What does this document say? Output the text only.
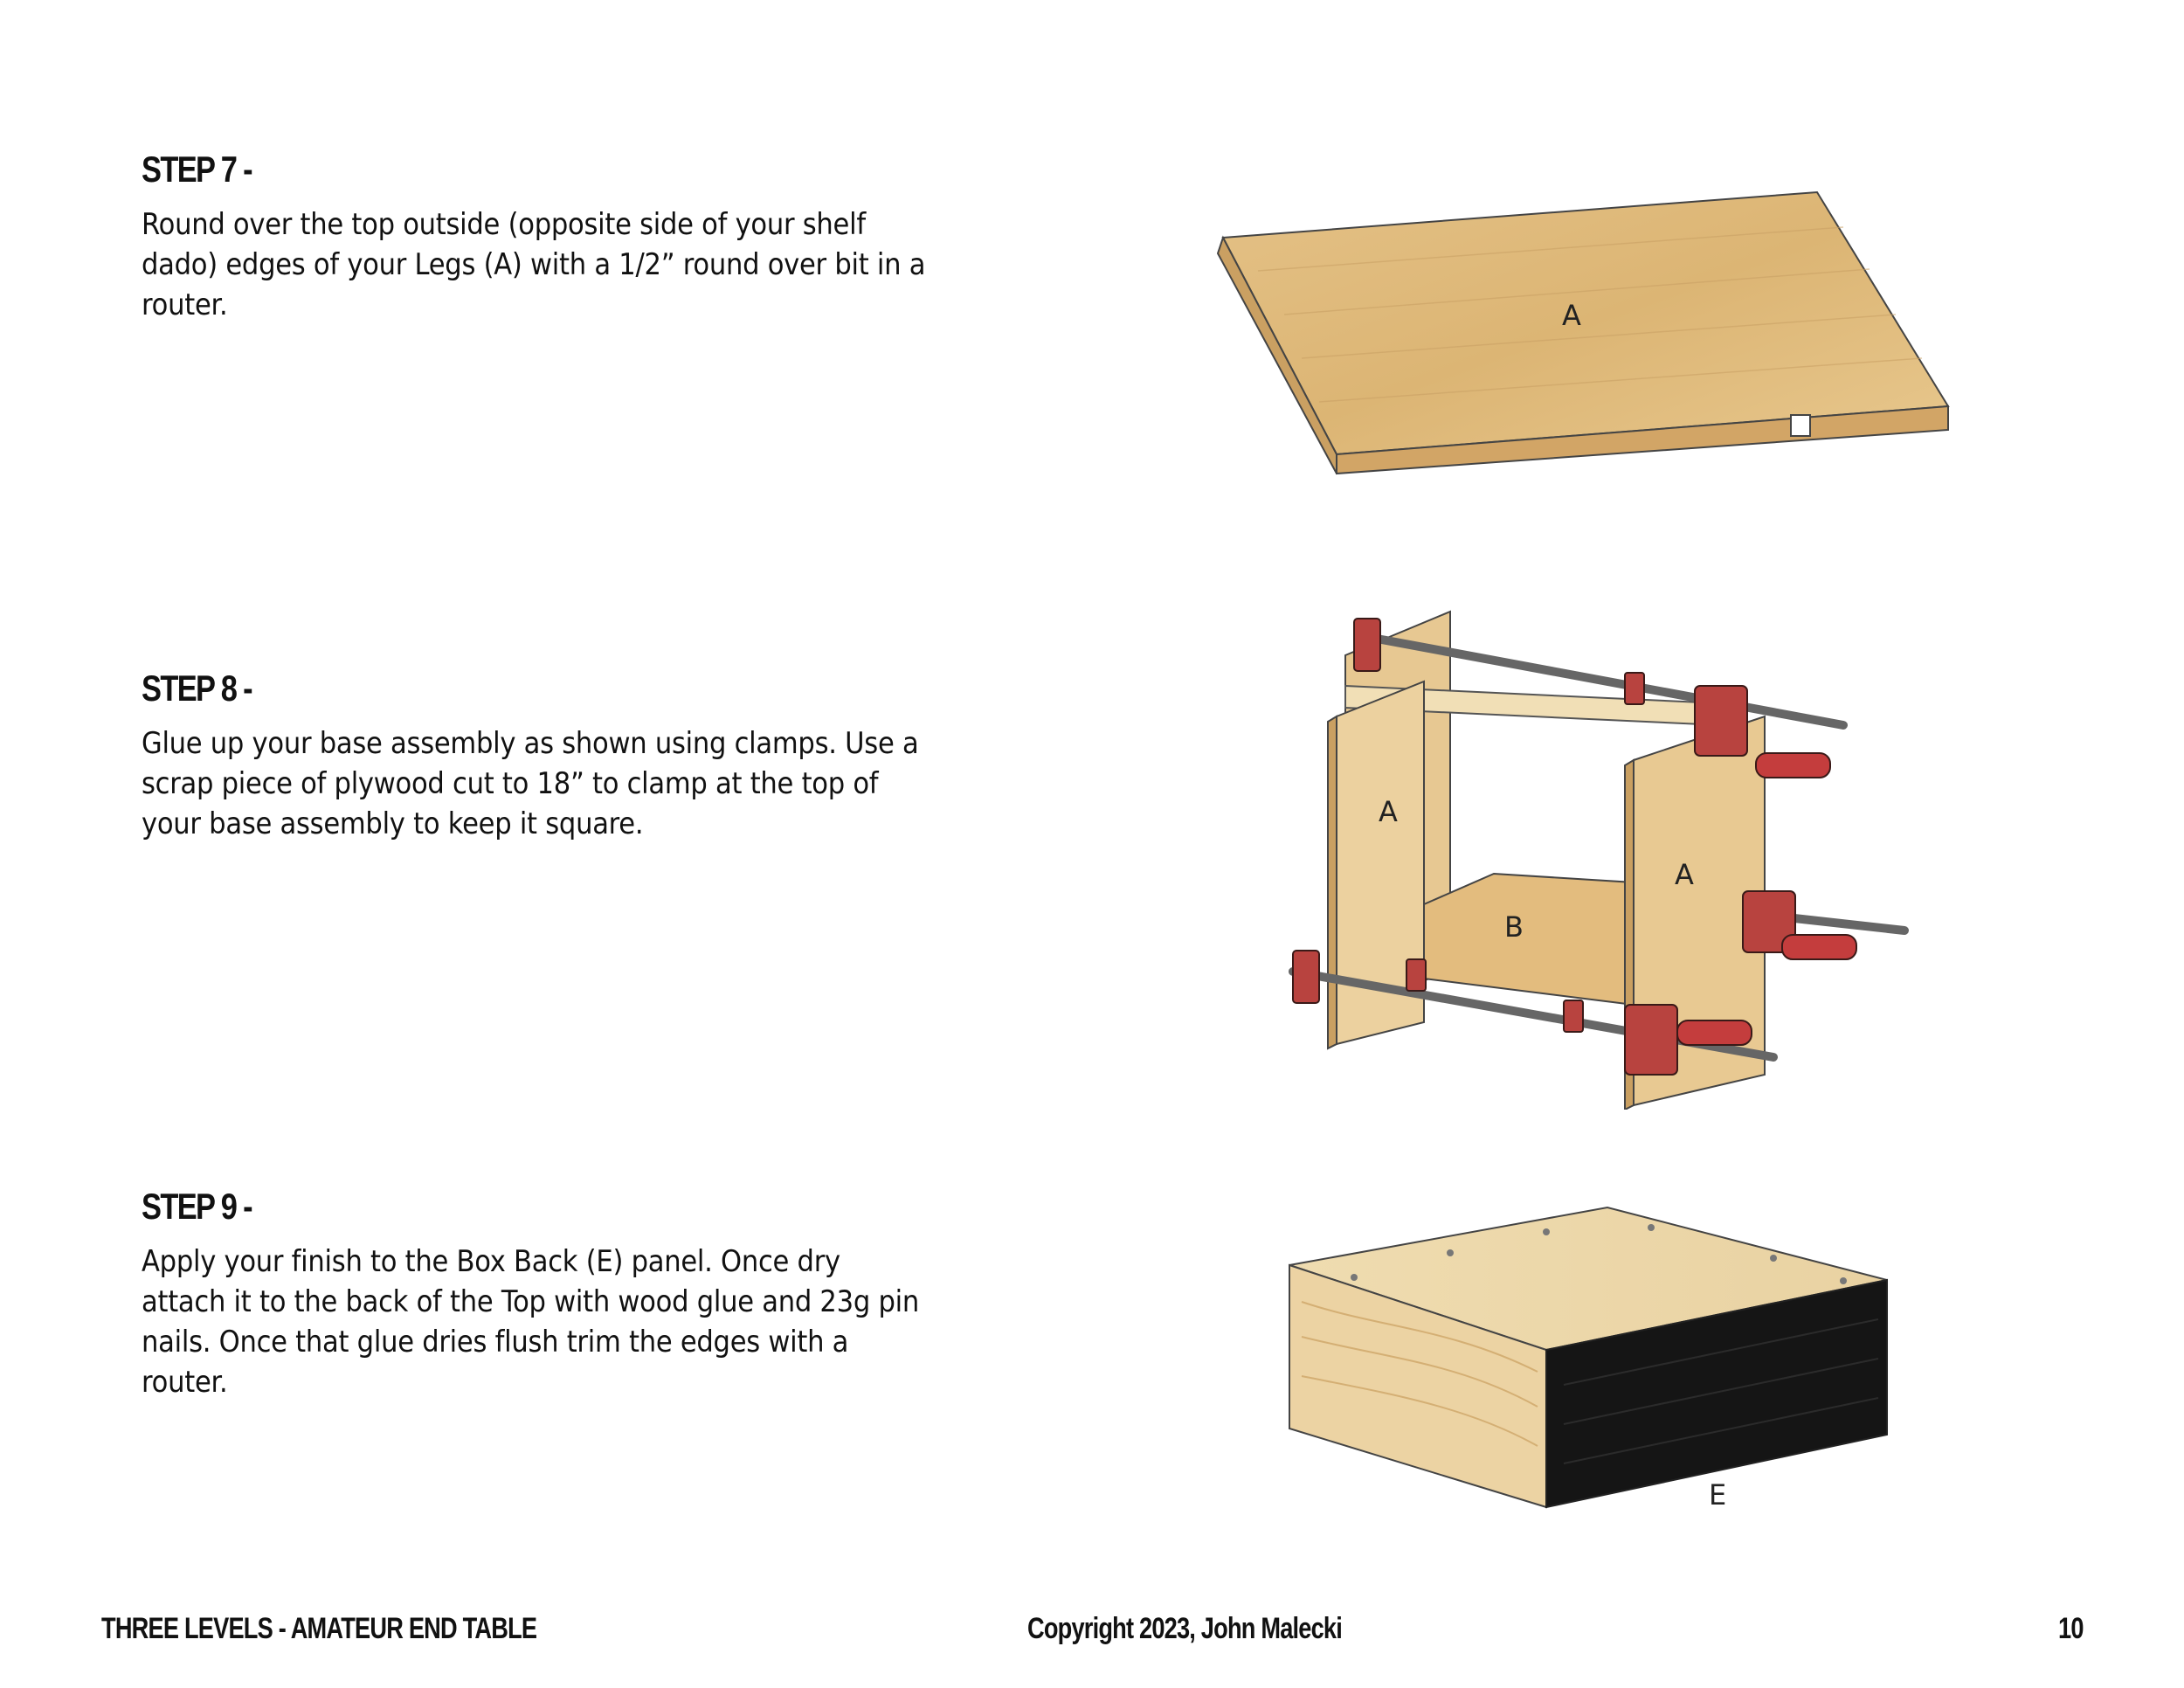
STEP 7 -

Round over the top outside (opposite side of your shelf dado) edges of your Legs (A) with a 1/2” round over bit in a router.

STEP 8 -

Glue up your base assembly as shown using clamps. Use a scrap piece of plywood cut to 18” to clamp at the top of your base assembly to keep it square.

STEP 9 -

Apply your finish to the Box Back (E) panel. Once dry attach it to the back of the Top with wood glue and 23g pin nails. Once that glue dries flush trim the edges with a router.

A
A
A
B
E
THREE LEVELS - AMATEUR END TABLE	Copyright 2023, John Malecki	10
